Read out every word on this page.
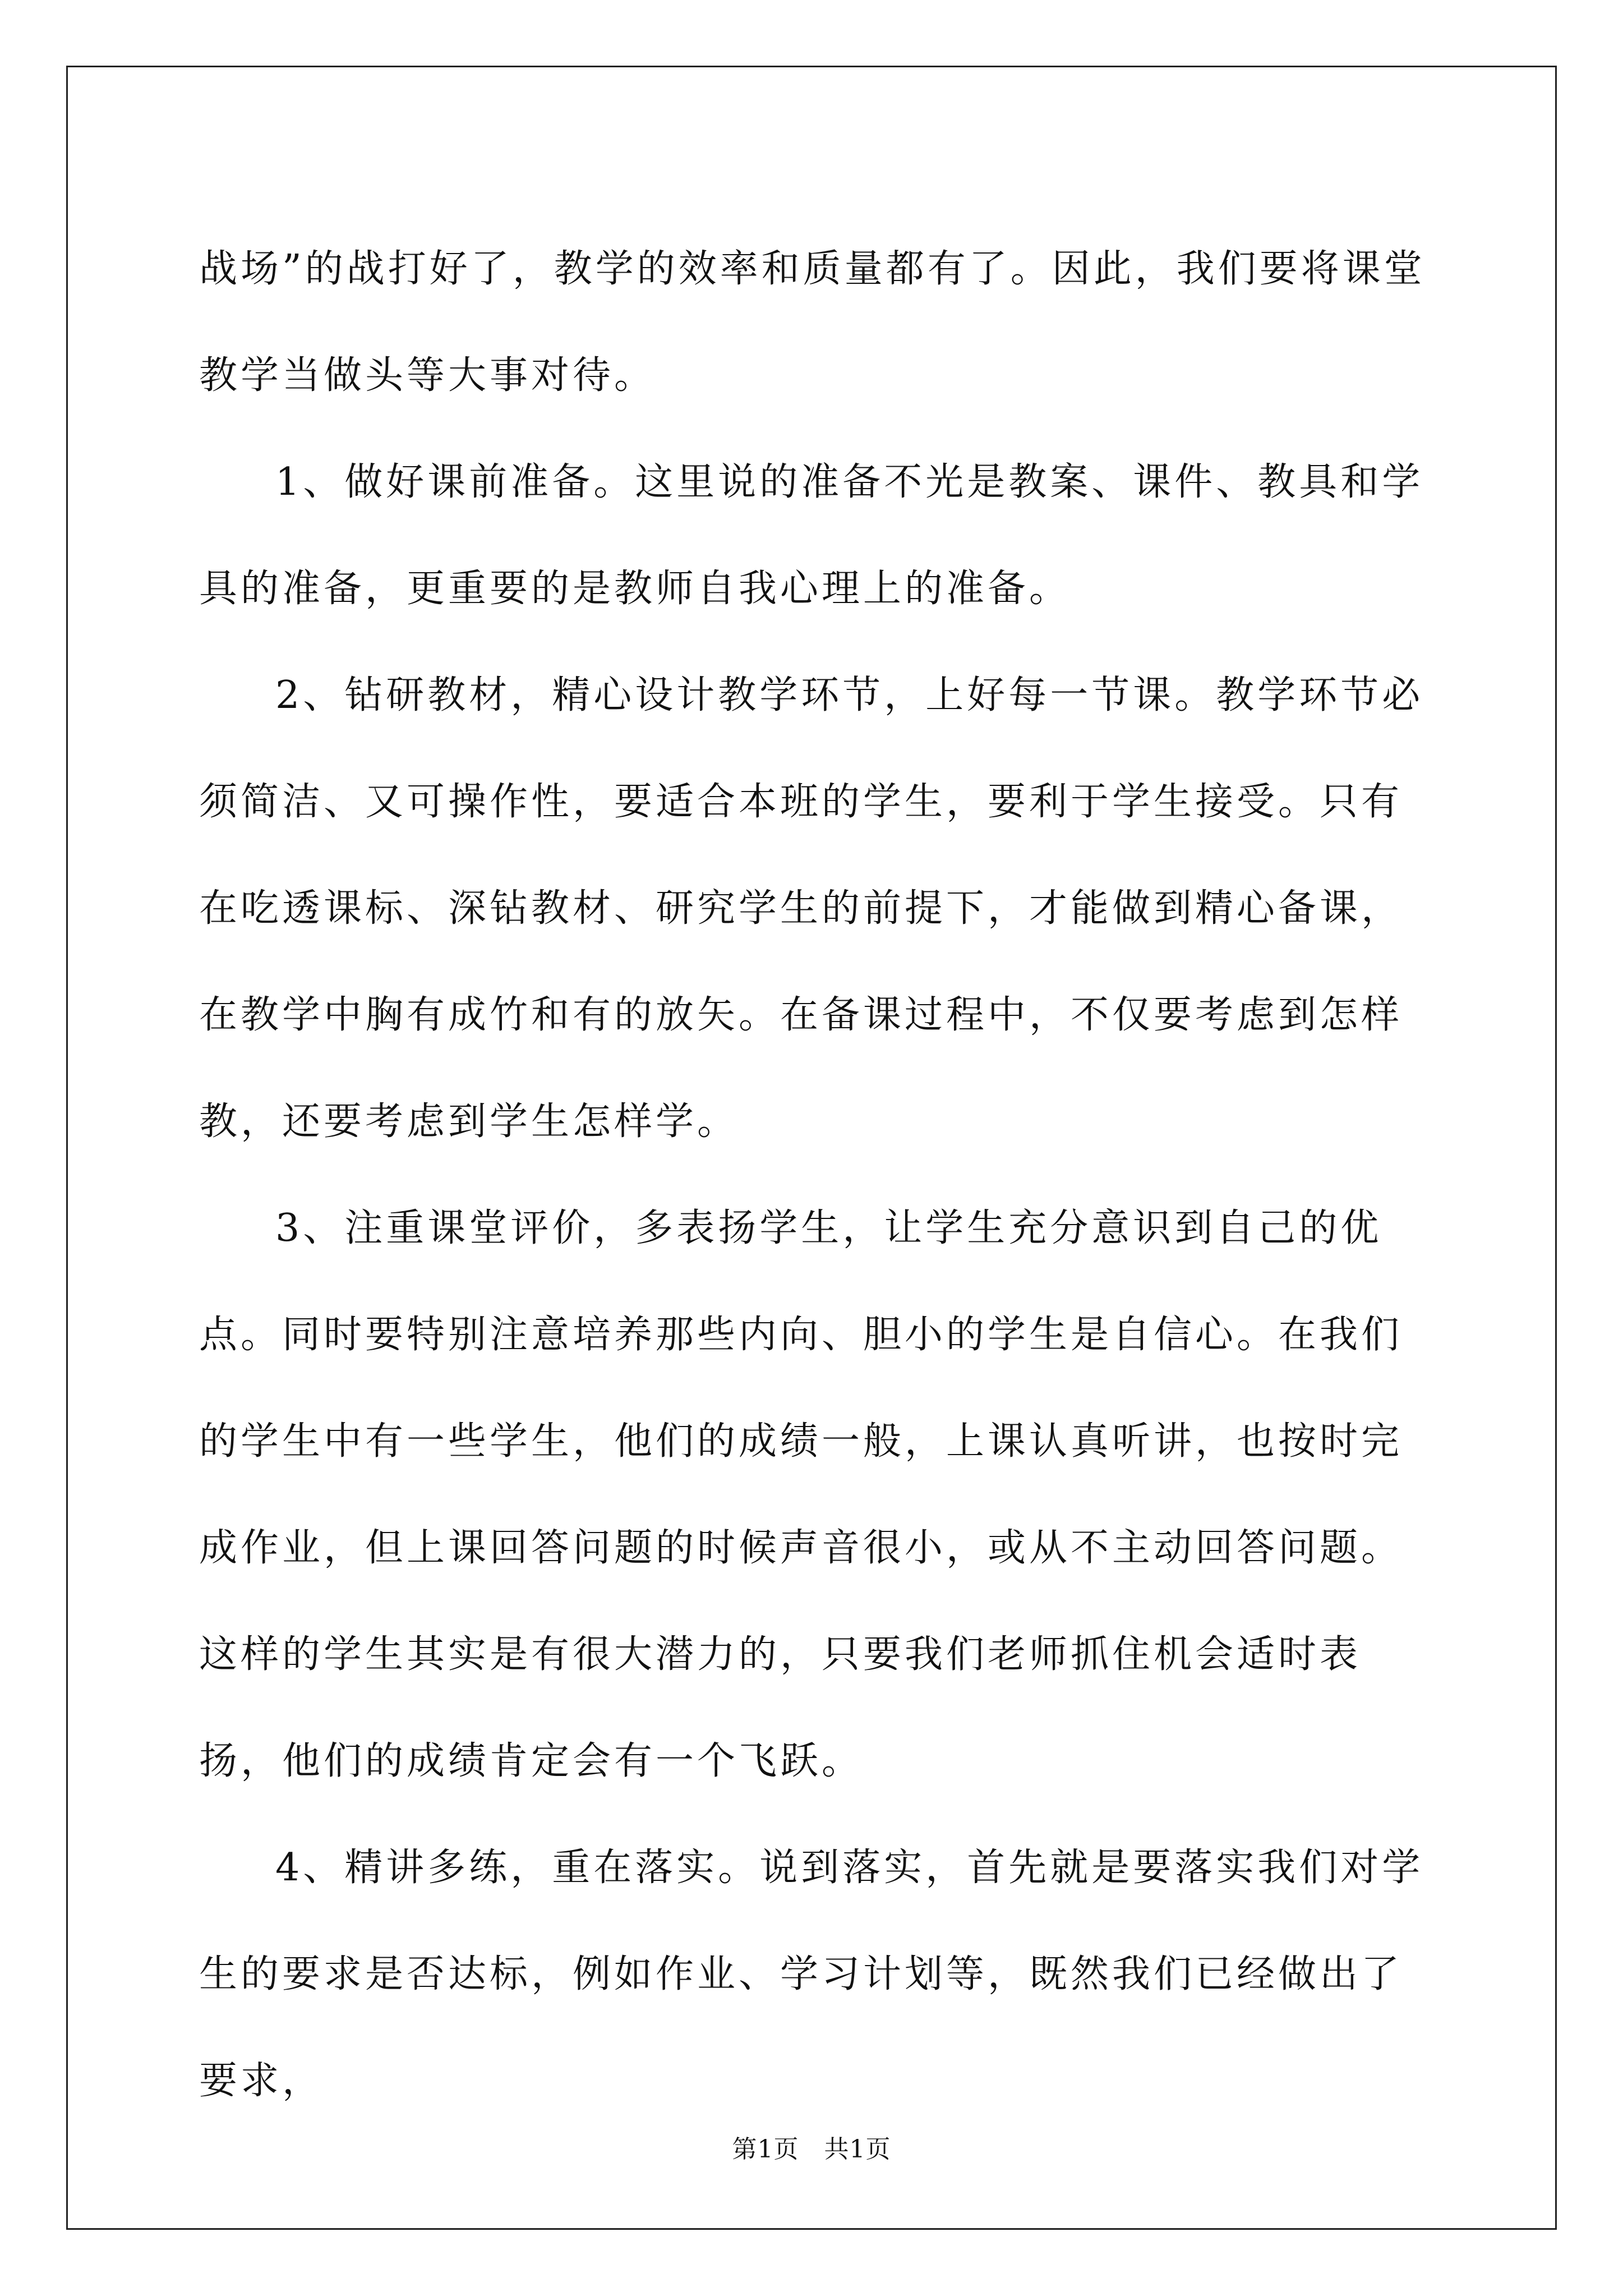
战场”的战打好了，教学的效率和质量都有了。因此，我们要将课堂教学当做头等大事对待。

1、做好课前准备。这里说的准备不光是教案、课件、教具和学具的准备，更重要的是教师自我心理上的准备。

2、钻研教材，精心设计教学环节，上好每一节课。教学环节必须简洁、又可操作性，要适合本班的学生，要利于学生接受。只有在吃透课标、深钻教材、研究学生的前提下，才能做到精心备课，在教学中胸有成竹和有的放矢。在备课过程中，不仅要考虑到怎样教，还要考虑到学生怎样学。

3、注重课堂评价，多表扬学生，让学生充分意识到自己的优点。同时要特别注意培养那些内向、胆小的学生是自信心。在我们的学生中有一些学生，他们的成绩一般，上课认真听讲，也按时完成作业，但上课回答问题的时候声音很小，或从不主动回答问题。这样的学生其实是有很大潜力的，只要我们老师抓住机会适时表扬，他们的成绩肯定会有一个飞跃。

4、精讲多练，重在落实。说到落实，首先就是要落实我们对学生的要求是否达标，例如作业、学习计划等，既然我们已经做出了要求，

第1页　共1页
